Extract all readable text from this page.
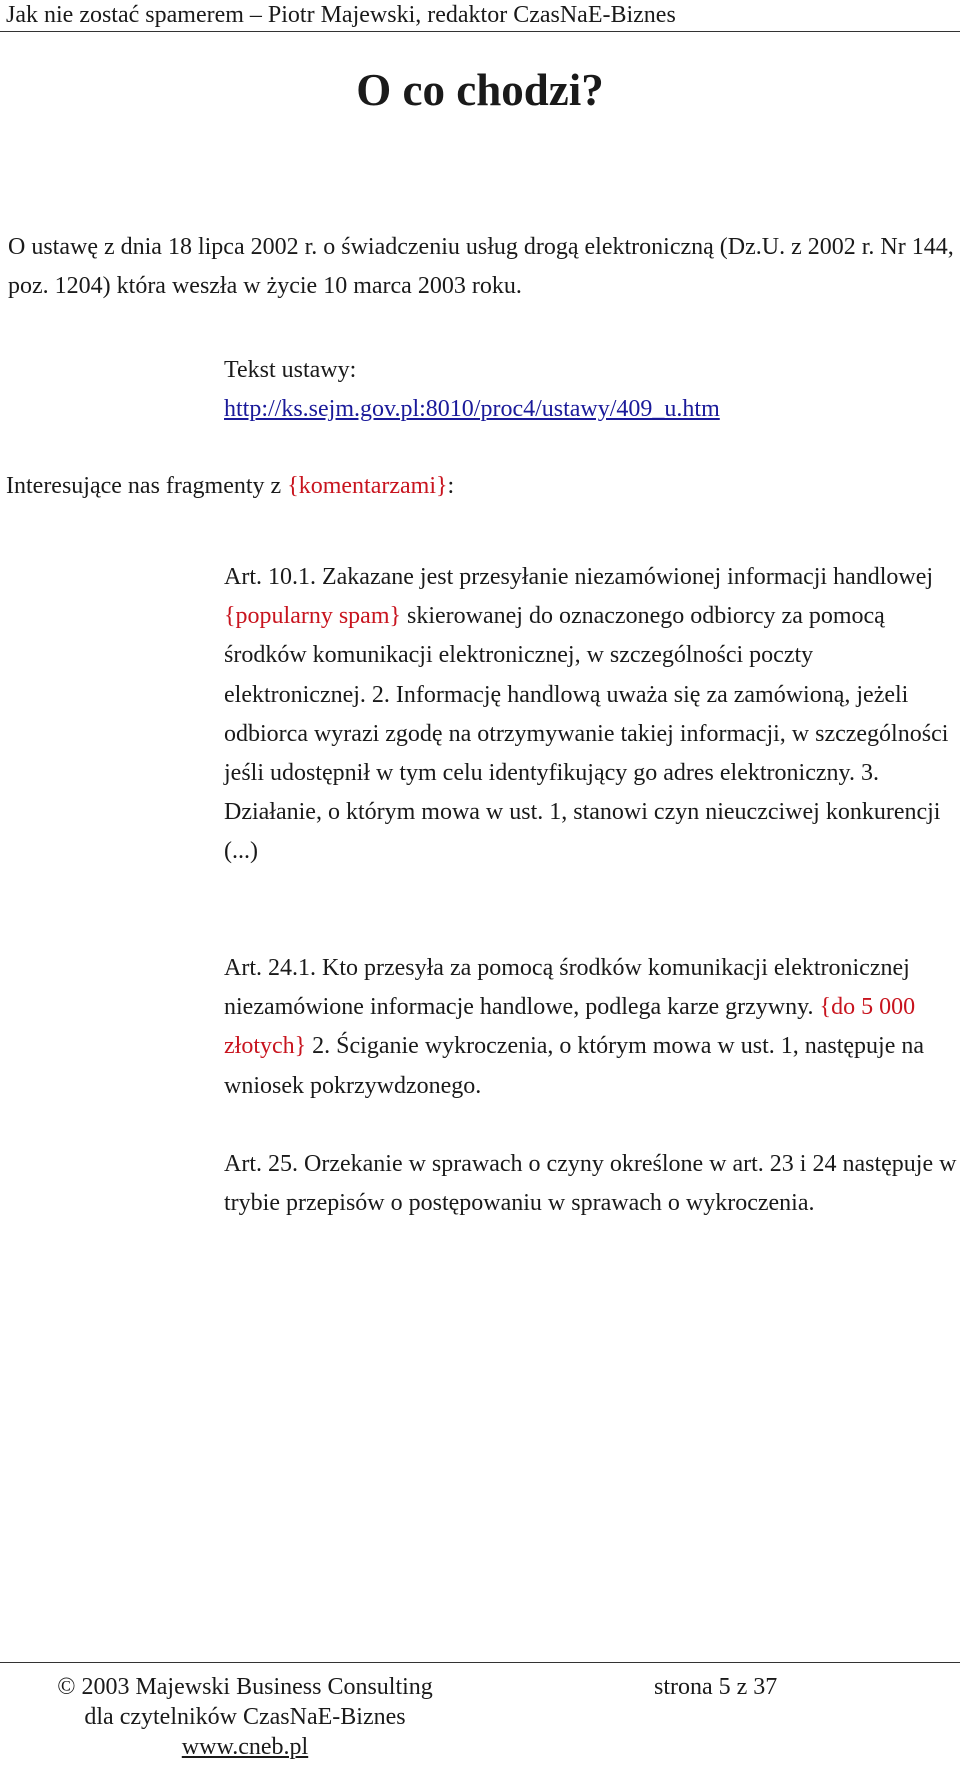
Jak nie zostać spamerem – Piotr Majewski, redaktor CzasNaE-Biznes
O co chodzi?

O ustawę z dnia 18 lipca 2002 r. o świadczeniu usług drogą elektroniczną (Dz.U. z 2002 r. Nr 144, poz. 1204) która weszła w życie 10 marca 2003 roku.

Tekst ustawy:
http://ks.sejm.gov.pl:8010/proc4/ustawy/409_u.htm
Interesujące nas fragmenty z {komentarzami}:

Art. 10.1. Zakazane jest przesyłanie niezamówionej informacji handlowej {popularny spam} skierowanej do oznaczonego odbiorcy za pomocą środków komunikacji elektronicznej, w szczególności poczty elektronicznej. 2. Informację handlową uważa się za zamówioną, jeżeli odbiorca wyrazi zgodę na otrzymywanie takiej informacji, w szczególności jeśli udostępnił w tym celu identyfikujący go adres elektroniczny. 3. Działanie, o którym mowa w ust. 1, stanowi czyn nieuczciwej konkurencji (...)

Art. 24.1. Kto przesyła za pomocą środków komunikacji elektronicznej niezamówione informacje handlowe, podlega karze grzywny. {do 5 000 złotych} 2. Ściganie wykroczenia, o którym mowa w ust. 1, następuje na wniosek pokrzywdzonego.

Art. 25. Orzekanie w sprawach o czyny określone w art. 23 i 24 następuje w trybie przepisów o postępowaniu w sprawach o wykroczenia.

© 2003 Majewski Business Consulting
dla czytelników CzasNaE-Biznes
www.cneb.pl
strona 5 z 37
